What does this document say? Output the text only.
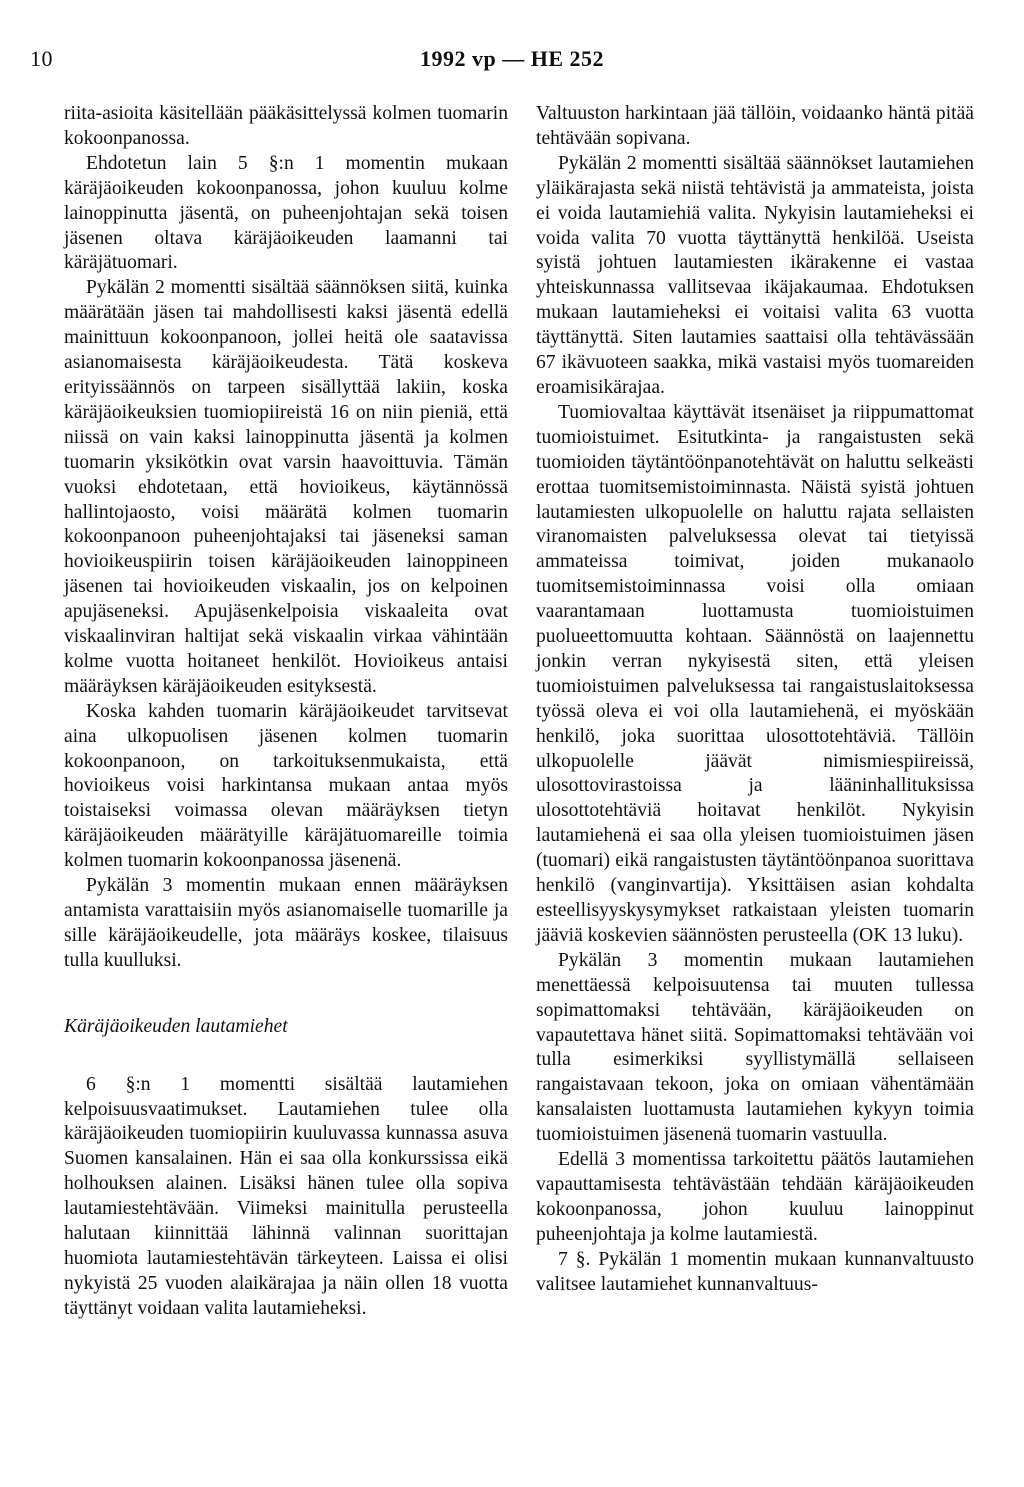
10	1992 vp — HE 252

riita-asioita käsitellään pääkäsittelyssä kolmen tuomarin kokoonpanossa.

Ehdotetun lain 5 §:n 1 momentin mukaan käräjäoikeuden kokoonpanossa, johon kuuluu kolme lainoppinutta jäsentä, on puheenjohtajan sekä toisen jäsenen oltava käräjäoikeuden laamanni tai käräjätuomari.

Pykälän 2 momentti sisältää säännöksen siitä, kuinka määrätään jäsen tai mahdollisesti kaksi jäsentä edellä mainittuun kokoonpanoon, jollei heitä ole saatavissa asianomaisesta käräjäoikeudesta. Tätä koskeva erityissäännös on tarpeen sisällyttää lakiin, koska käräjäoikeuksien tuomiopiireistä 16 on niin pieniä, että niissä on vain kaksi lainoppinutta jäsentä ja kolmen tuomarin yksikötkin ovat varsin haavoittuvia. Tämän vuoksi ehdotetaan, että hovioikeus, käytännössä hallintojaosto, voisi määrätä kolmen tuomarin kokoonpanoon puheenjohtajaksi tai jäseneksi saman hovioikeuspiirin toisen käräjäoikeuden lainoppineen jäsenen tai hovioikeuden viskaalin, jos on kelpoinen apujäseneksi. Apujäsenkelpoisia viskaaleita ovat viskaalinviran haltijat sekä viskaalin virkaa vähintään kolme vuotta hoitaneet henkilöt. Hovioikeus antaisi määräyksen käräjäoikeuden esityksestä.

Koska kahden tuomarin käräjäoikeudet tarvitsevat aina ulkopuolisen jäsenen kolmen tuomarin kokoonpanoon, on tarkoituksenmukaista, että hovioikeus voisi harkintansa mukaan antaa myös toistaiseksi voimassa olevan määräyksen tietyn käräjäoikeuden määrätyille käräjätuomareille toimia kolmen tuomarin kokoonpanossa jäsenenä.

Pykälän 3 momentin mukaan ennen määräyksen antamista varattaisiin myös asianomaiselle tuomarille ja sille käräjäoikeudelle, jota määräys koskee, tilaisuus tulla kuulluksi.

Käräjäoikeuden lautamiehet

6 §:n 1 momentti sisältää lautamiehen kelpoisuusvaatimukset. Lautamiehen tulee olla käräjäoikeuden tuomiopiirin kuuluvassa kunnassa asuva Suomen kansalainen. Hän ei saa olla konkurssissa eikä holhouksen alainen. Lisäksi hänen tulee olla sopiva lautamiestehtävään. Viimeksi mainitulla perusteella halutaan kiinnittää lähinnä valinnan suorittajan huomiota lautamiestehtävän tärkeyteen. Laissa ei olisi nykyistä 25 vuoden alaikärajaa ja näin ollen 18 vuotta täyttänyt voidaan valita lautamieheksi.

Valtuuston harkintaan jää tällöin, voidaanko häntä pitää tehtävään sopivana.

Pykälän 2 momentti sisältää säännökset lautamiehen yläikärajasta sekä niistä tehtävistä ja ammateista, joista ei voida lautamiehiä valita. Nykyisin lautamieheksi ei voida valita 70 vuotta täyttänyttä henkilöä. Useista syistä johtuen lautamiesten ikärakenne ei vastaa yhteiskunnassa vallitsevaa ikäjakaumaa. Ehdotuksen mukaan lautamieheksi ei voitaisi valita 63 vuotta täyttänyttä. Siten lautamies saattaisi olla tehtävässään 67 ikävuoteen saakka, mikä vastaisi myös tuomareiden eroamisikärajaa.

Tuomiovaltaa käyttävät itsenäiset ja riippumattomat tuomioistuimet. Esitutkinta- ja rangaistusten sekä tuomioiden täytäntöönpanotehtävät on haluttu selkeästi erottaa tuomitsemistoiminnasta. Näistä syistä johtuen lautamiesten ulkopuolelle on haluttu rajata sellaisten viranomaisten palveluksessa olevat tai tietyissä ammateissa toimivat, joiden mukanaolo tuomitsemistoiminnassa voisi olla omiaan vaarantamaan luottamusta tuomioistuimen puolueettomuutta kohtaan. Säännöstä on laajennettu jonkin verran nykyisestä siten, että yleisen tuomioistuimen palveluksessa tai rangaistuslaitoksessa työssä oleva ei voi olla lautamiehenä, ei myöskään henkilö, joka suorittaa ulosottotehtäviä. Tällöin ulkopuolelle jäävät nimismiespiireissä, ulosottovirastoissa ja lääninhallituksissa ulosottotehtäviä hoitavat henkilöt. Nykyisin lautamiehenä ei saa olla yleisen tuomioistuimen jäsen (tuomari) eikä rangaistusten täytäntöönpanoa suorittava henkilö (vanginvartija). Yksittäisen asian kohdalta esteellisyyskysymykset ratkaistaan yleisten tuomarin jääviä koskevien säännösten perusteella (OK 13 luku).

Pykälän 3 momentin mukaan lautamiehen menettäessä kelpoisuutensa tai muuten tullessa sopimattomaksi tehtävään, käräjäoikeuden on vapautettava hänet siitä. Sopimattomaksi tehtävään voi tulla esimerkiksi syyllistymällä sellaiseen rangaistavaan tekoon, joka on omiaan vähentämään kansalaisten luottamusta lautamiehen kykyyn toimia tuomioistuimen jäsenenä tuomarin vastuulla.

Edellä 3 momentissa tarkoitettu päätös lautamiehen vapauttamisesta tehtävästään tehdään käräjäoikeuden kokoonpanossa, johon kuuluu lainoppinut puheenjohtaja ja kolme lautamiestä.

7 §. Pykälän 1 momentin mukaan kunnanvaltuusto valitsee lautamiehet kunnanvaltuus-
